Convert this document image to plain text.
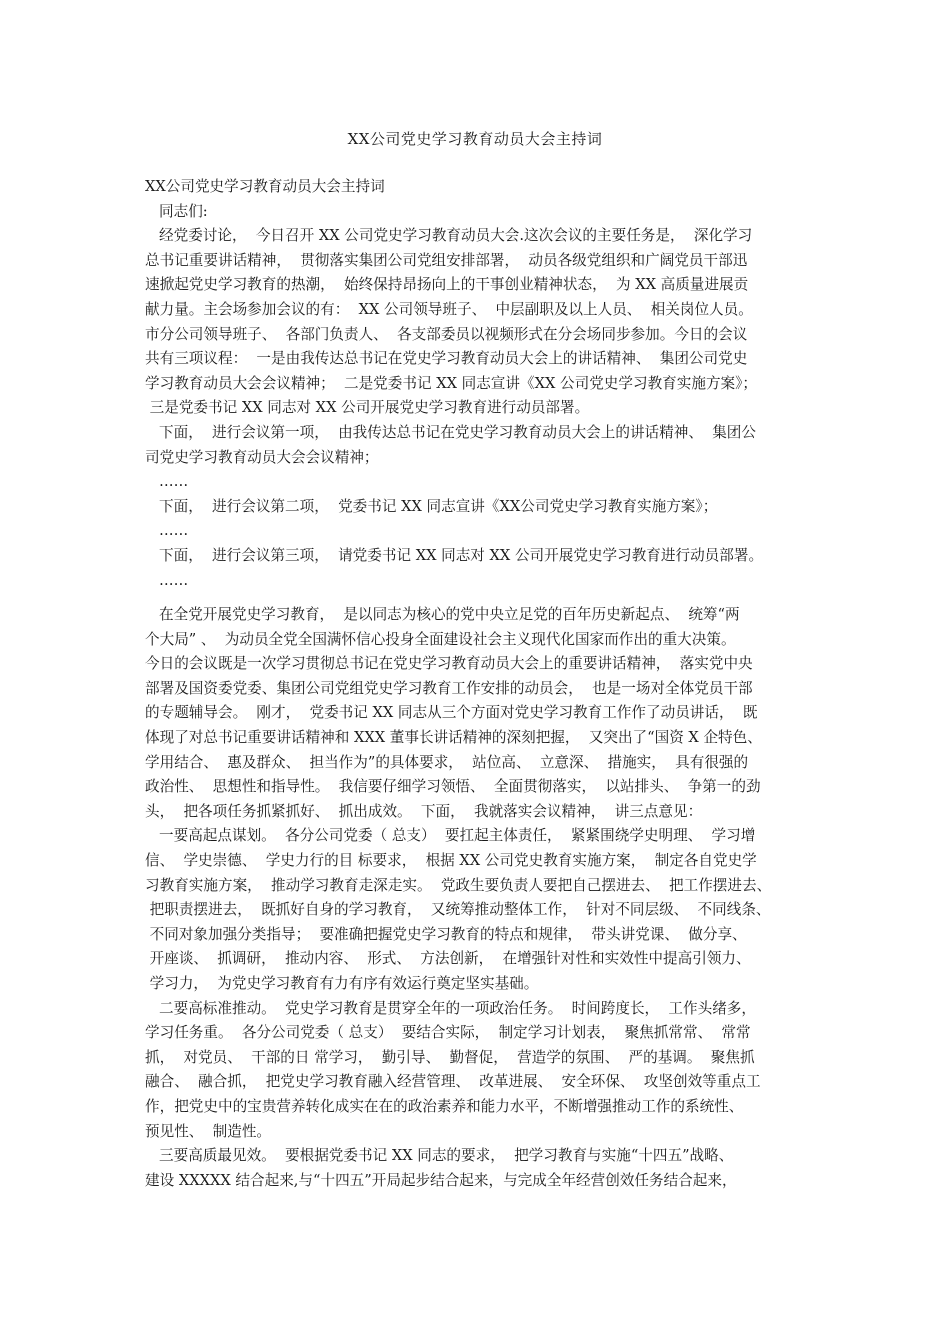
XX公司党史学习教育动员大会主持词

XX公司党史学习教育动员大会主持词

同志们:

经党委讨论，  今日召开 XX 公司党史学习教育动员大会.这次会议的主要任务是，  深化学习

总书记重要讲话精神，  贯彻落实集团公司党组安排部署，  动员各级党组织和广阔党员干部迅

速掀起党史学习教育的热潮，  始终保持昂扬向上的干事创业精神状态，  为 XX 高质量进展贡

献力量。主会场参加会议的有：  XX 公司领导班子、  中层副职及以上人员、  相关岗位人员。

市分公司领导班子、  各部门负责人、  各支部委员以视频形式在分会场同步参加。今日的会议

共有三项议程：  一是由我传达总书记在党史学习教育动员大会上的讲话精神、  集团公司党史

学习教育动员大会会议精神；  二是党委书记 XX 同志宣讲《XX 公司党史学习教育实施方案》；

三是党委书记 XX 同志对 XX 公司开展党史学习教育进行动员部署。

下面，  进行会议第一项，  由我传达总书记在党史学习教育动员大会上的讲话精神、  集团公

司党史学习教育动员大会会议精神；

……

下面，  进行会议第二项，  党委书记 XX 同志宣讲《XX公司党史学习教育实施方案》；

……

下面，  进行会议第三项，  请党委书记 XX 同志对 XX 公司开展党史学习教育进行动员部署。

……

在全党开展党史学习教育，  是以同志为核心的党中央立足党的百年历史新起点、  统筹“两

个大局” 、  为动员全党全国满怀信心投身全面建设社会主义现代化国家而作出的重大决策。

今日的会议既是一次学习贯彻总书记在党史学习教育动员大会上的重要讲话精神，  落实党中央

部署及国资委党委、集团公司党组党史学习教育工作安排的动员会，  也是一场对全体党员干部

的专题辅导会。  刚才，  党委书记 XX 同志从三个方面对党史学习教育工作作了动员讲话，  既

体现了对总书记重要讲话精神和 XXX 董事长讲话精神的深刻把握，  又突出了“国资 X 企特色、

学用结合、  惠及群众、  担当作为”的具体要求，  站位高、  立意深、  措施实，  具有很强的

政治性、  思想性和指导性。  我信要仔细学习领悟、  全面贯彻落实，  以站排头、  争第一的劲

头，  把各项任务抓紧抓好、  抓出成效。  下面，  我就落实会议精神，  讲三点意见：

一要高起点谋划。  各分公司党委（ 总支）  要扛起主体责任，  紧紧围绕学史明理、  学习增

信、  学史崇德、  学史力行的目 标要求，  根据 XX 公司党史教育实施方案，  制定各自党史学

习教育实施方案，  推动学习教育走深走实。  党政生要负责人要把自己摆进去、  把工作摆进去、

把职责摆进去，  既抓好自身的学习教育，  又统筹推动整体工作，  针对不同层级、  不同线条、

不同对象加强分类指导；  要准确把握党史学习教育的特点和规律，  带头讲党课、  做分享、

开座谈、  抓调研，  推动内容、  形式、  方法创新，  在增强针对性和实效性中提高引领力、

学习力，  为党史学习教育有力有序有效运行奠定坚实基础。

二要高标准推动。  党史学习教育是贯穿全年的一项政治任务。  时间跨度长，  工作头绪多，

学习任务重。  各分公司党委（ 总支）  要结合实际，  制定学习计划表，  聚焦抓常常、  常常

抓，  对党员、  干部的日 常学习，  勤引导、  勤督促，  营造学的氛围、  严的基调。  聚焦抓

融合、  融合抓，  把党史学习教育融入经营管理、  改革进展、  安全环保、  攻坚创效等重点工

作，把党史中的宝贵营养转化成实在在的政治素养和能力水平，不断增强推动工作的系统性、

预见性、  制造性。

三要高质最见效。  要根据党委书记 XX 同志的要求，  把学习教育与实施“十四五”战略、

建设 XXXXX 结合起来,与“十四五”开局起步结合起来，与完成全年经营创效任务结合起来，
